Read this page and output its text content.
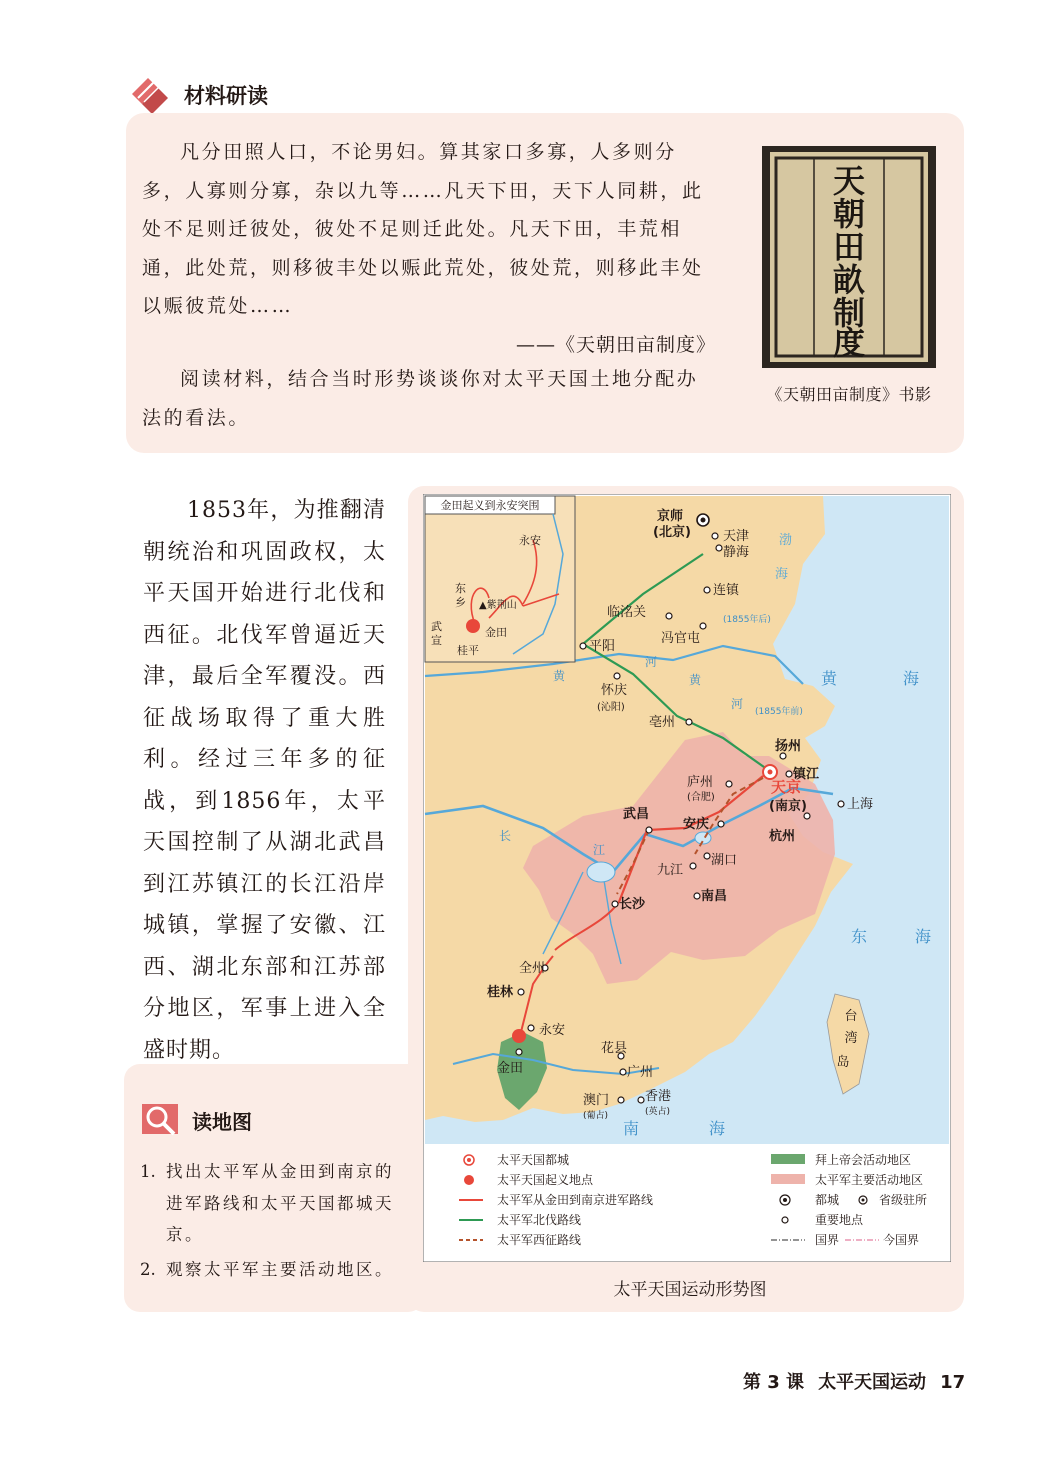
材料研读

凡分田照人口，不论男妇。算其家口多寡，人多则分多，人寡则分寡，杂以九等……凡天下田，天下人同耕，此处不足则迁彼处，彼处不足则迁此处。凡天下田，丰荒相通，此处荒，则移彼丰处以赈此荒处，彼处荒，则移此丰处以赈彼荒处……

——《天朝田亩制度》

阅读材料，结合当时形势谈谈你对太平天国土地分配办法的看法。
天
朝
田
畝
制
度
《天朝田亩制度》书影

1853年，为推翻清朝统治和巩固政权，太平天国开始进行北伐和西征。北伐军曾逼近天津，最后全军覆没。西征战场取得了重大胜利。经过三年多的征战，到1856年，太平天国控制了从湖北武昌到江苏镇江的长江沿岸城镇，掌握了安徽、江西、湖北东部和江苏部分地区，军事上进入全盛时期。

金田起义到永安突围
永安
东
乡 ▲紫荆山
武
宣
金田
桂平
渤
海
黄	海
东	海
南	海
黄
河
黄
河
长
江
(1855年后)
(1855年前)
台
湾
岛
京师
(北京) 天津
静海
连镇
临洺关
冯官屯
平阳
怀庆
(沁阳)
亳州
扬州
镇江
庐州
(合肥)
天京
(南京)	上海
杭州
武昌
安庆
九江
湖口
南昌
长沙
全州
桂林
永安
金田
花县
广州
澳门
(葡占)
香港
(英占)
太平天国都城
太平天国起义地点
太平军从金田到南京进军路线
太平军北伐路线
太平军西征路线
拜上帝会活动地区
太平军主要活动地区
都城	省级驻所
重要地点
国界	今国界
太平天国运动形势图
读地图
1. 找出太平军从金田到南京的进军路线和太平天国都城天京。
2. 观察太平军主要活动地区。
第 3 课 太平天国运动 17
